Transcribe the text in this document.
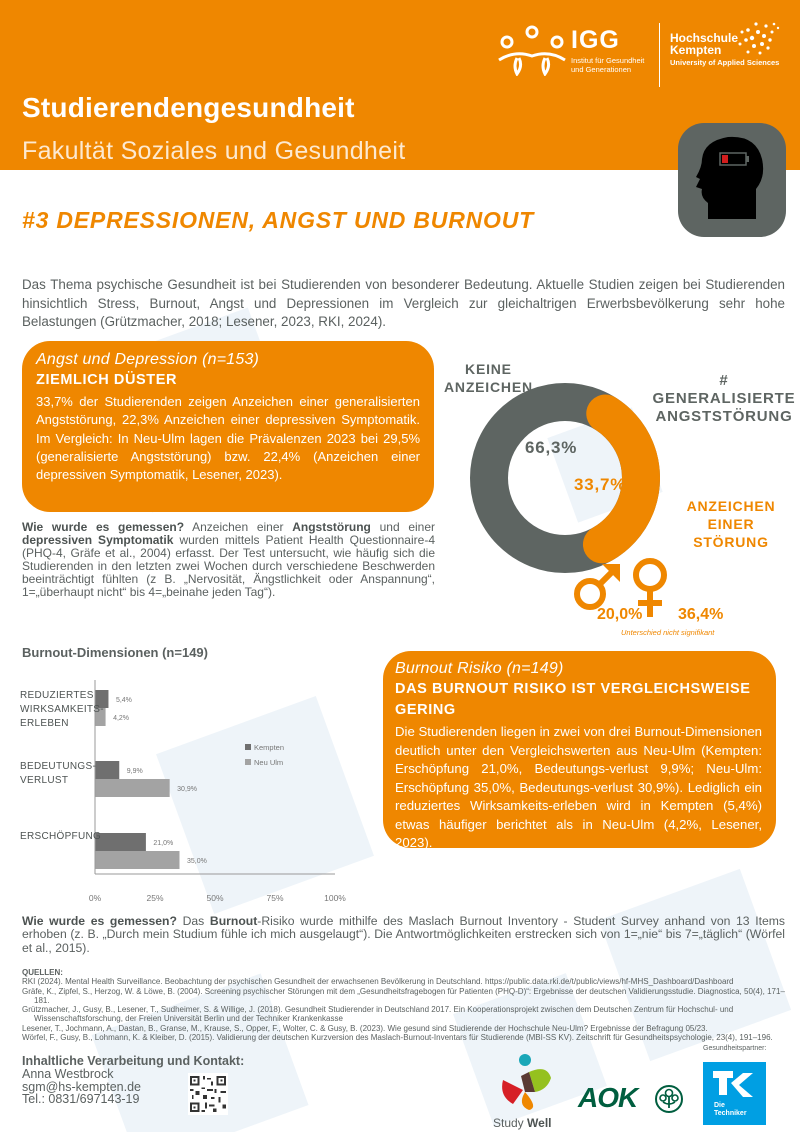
IGG
Institut für Gesundheit
und Generationen
Hochschule
Kempten
University of Applied Sciences
Studierendengesundheit
Fakultät Soziales und Gesundheit
#3 DEPRESSIONEN, ANGST UND BURNOUT
Das Thema psychische Gesundheit ist bei Studierenden von besonderer Bedeutung. Aktuelle Studien zeigen bei Studierenden hinsichtlich Stress, Burnout, Angst und Depressionen im Vergleich zur gleichaltrigen Erwerbsbevölkerung sehr hohe Belastungen (Grützmacher, 2018; Lesener, 2023, RKI, 2024).
Angst und Depression (n=153)
ZIEMLICH DÜSTER
33,7% der Studierenden zeigen Anzeichen einer generalisierten Angststörung, 22,3% Anzeichen einer depressiven Symptomatik. Im Vergleich: In Neu-Ulm lagen die Prävalenzen 2023 bei 29,5% (generalisierte Angststörung) bzw. 22,4% (Anzeichen einer depressiven Symptomatik, Lesener, 2023).
Wie wurde es gemessen? Anzeichen einer Angststörung und einer depressiven Symptomatik wurden mittels Patient Health Questionnaire-4 (PHQ-4, Gräfe et al., 2004) erfasst. Der Test untersucht, wie häufig sich die Studierenden in den letzten zwei Wochen durch verschiedene Beschwerden beeinträchtigt fühlten (z B. „Nervosität, Ängstlichkeit oder Anspannung“, 1=„überhaupt nicht“ bis 4=„beinahe jeden Tag“).
KEINE
ANZEICHEN	# GENERALISIERTE
ANGSTSTÖRUNG
ANZEICHEN EINER
STÖRUNG
66,3%
33,7%
20,0% 36,4%
Unterschied nicht signifikant
Burnout-Dimensionen (n=149)
5,4%
4,2%
REDUZIERTES
WIRKSAMKEITS-
ERLEBEN
9,9%
30,9%
BEDEUTUNGS-
VERLUST
21,0%
35,0%
ERSCHÖPFUNG
0%	25%	50%	75%	100%
Kempten
Neu Ulm
Burnout Risiko (n=149)
DAS BURNOUT RISIKO IST VERGLEICHSWEISE GERING
Die Studierenden liegen in zwei von drei Burnout-Dimensionen deutlich unter den Vergleichswerten aus Neu-Ulm (Kempten: Erschöpfung 21,0%, Bedeutungs-verlust 9,9%; Neu-Ulm: Erschöpfung 35,0%, Bedeutungs-verlust 30,9%). Lediglich ein reduziertes Wirksamkeits-erleben wird in Kempten (5,4%) etwas häufiger berichtet als in Neu-Ulm (4,2%, Lesener, 2023).
Wie wurde es gemessen? Das Burnout-Risiko wurde mithilfe des Maslach Burnout Inventory - Student Survey anhand von 13 Items erhoben (z. B. „Durch mein Studium fühle ich mich ausgelaugt“). Die Antwortmöglichkeiten erstrecken sich von 1=„nie“ bis 7=„täglich“ (Wörfel et al., 2015).
QUELLEN:
RKI (2024). Mental Health Surveillance. Beobachtung der psychischen Gesundheit der erwachsenen Bevölkerung in Deutschland. https://public.data.rki.de/t/public/views/hf-MHS_Dashboard/Dashboard
Gräfe, K., Zipfel, S., Herzog, W. & Löwe, B. (2004). Screening psychischer Störungen mit dem „Gesundheitsfragebogen für Patienten (PHQ-D)“: Ergebnisse der deutschen Validierungsstudie. Diagnostica, 50(4), 171–181.
Grützmacher, J., Gusy, B., Lesener, T., Sudheimer, S. & Willige, J. (2018). Gesundheit Studierender in Deutschland 2017. Ein Kooperationsprojekt zwischen dem Deutschen Zentrum für Hochschul- und Wissenschaftsforschung, der Freien Universität Berlin und der Techniker Krankenkasse
Lesener, T., Jochmann, A., Dastan, B., Granse, M., Krause, S., Opper, F., Wolter, C. & Gusy, B. (2023). Wie gesund sind Studierende der Hochschule Neu-Ulm? Ergebnisse der Befragung 05/23.
Wörfel, F., Gusy, B., Lohmann, K. & Kleiber, D. (2015). Validierung der deutschen Kurzversion des Maslach-Burnout-Inventars für Studierende (MBI-SS KV). Zeitschrift für Gesundheitspsychologie, 23(4), 191–196.
Inhaltliche Verarbeitung und Kontakt:
Anna Westbrock
sgm@hs-kempten.de
Tel.: 0831/697143-19
Gesundheitspartner:
Study Well
AOK	Die
Techniker
